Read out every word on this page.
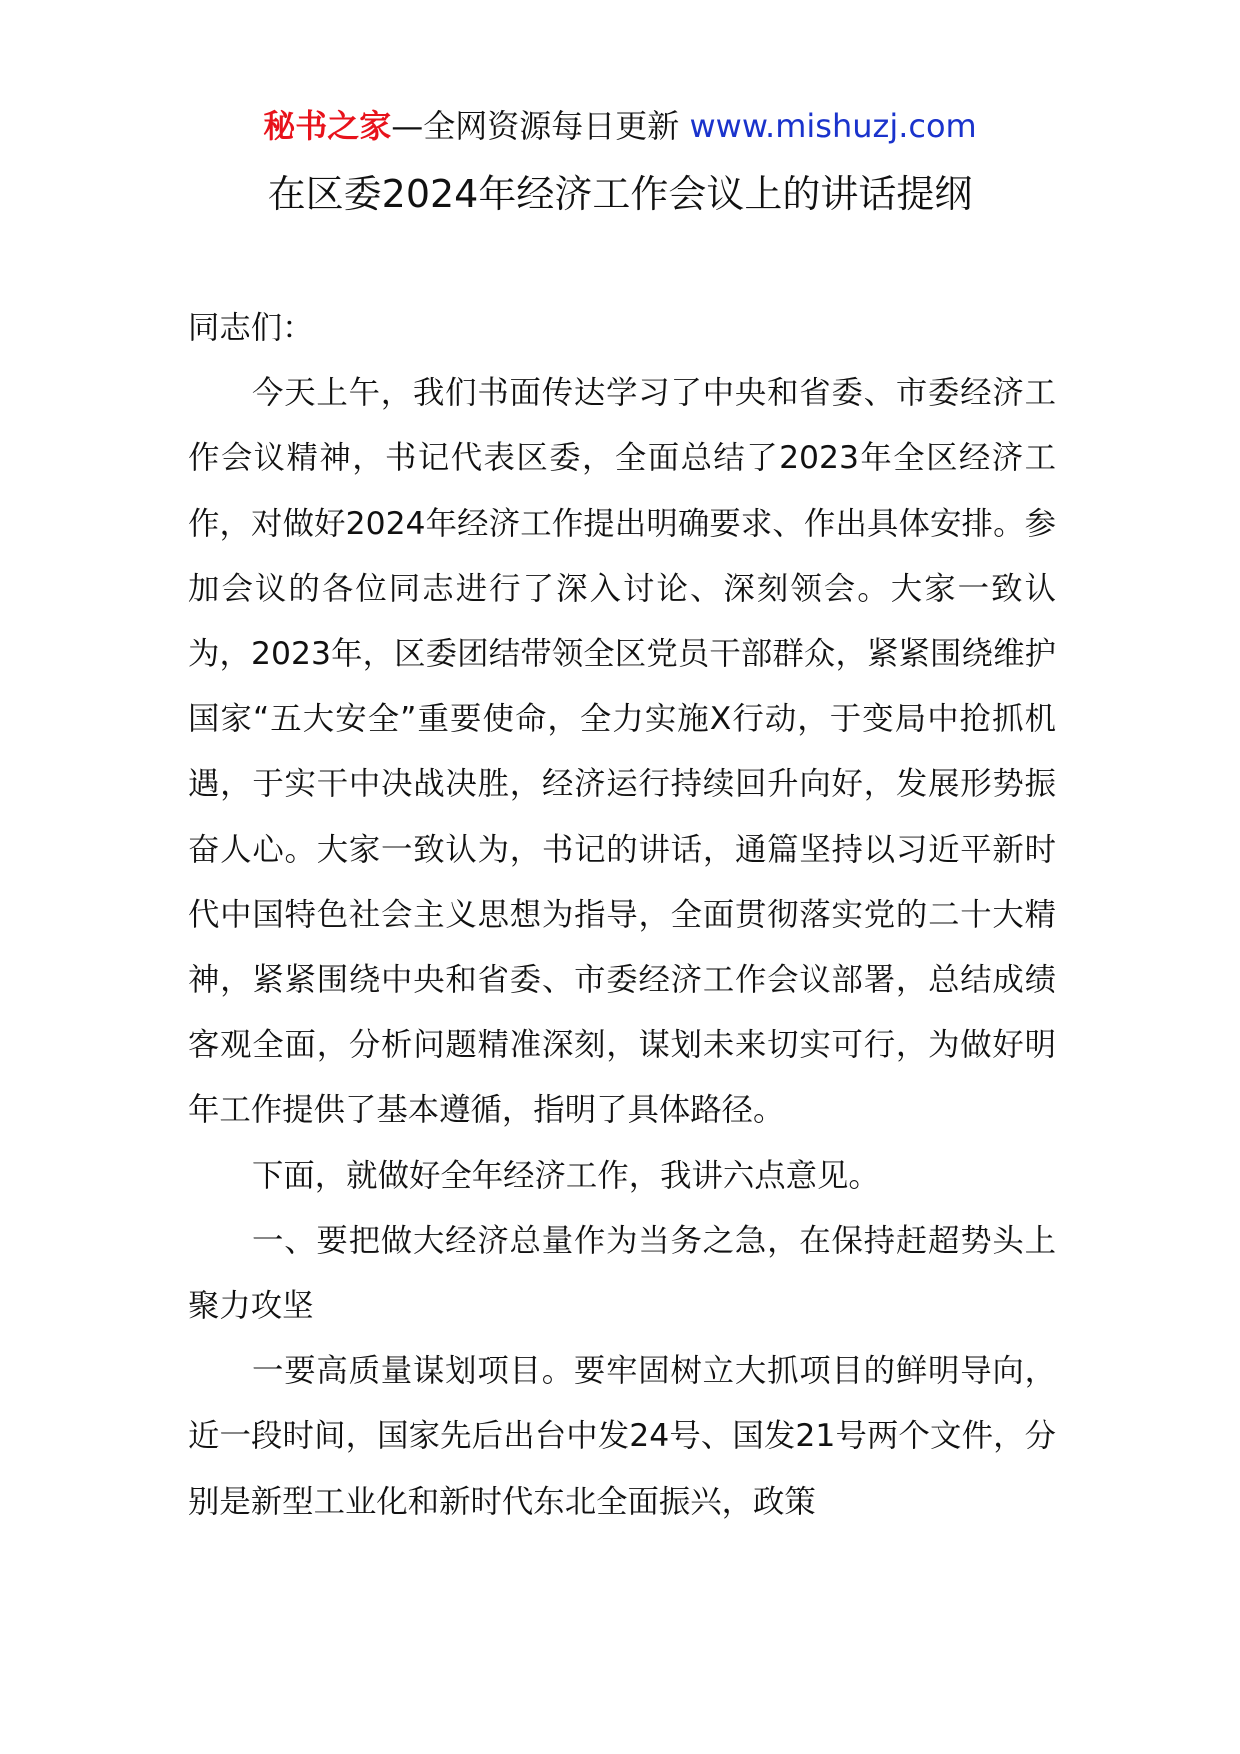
秘书之家—全网资源每日更新 www.mishuzj.com
在区委2024年经济工作会议上的讲话提纲

同志们：

今天上午，我们书面传达学习了中央和省委、市委经济工作会议精神，书记代表区委，全面总结了2023年全区经济工作，对做好2024年经济工作提出明确要求、作出具体安排。参加会议的各位同志进行了深入讨论、深刻领会。大家一致认为，2023年，区委团结带领全区党员干部群众，紧紧围绕维护国家“五大安全”重要使命，全力实施X行动，于变局中抢抓机遇，于实干中决战决胜，经济运行持续回升向好，发展形势振奋人心。大家一致认为，书记的讲话，通篇坚持以习近平新时代中国特色社会主义思想为指导，全面贯彻落实党的二十大精神，紧紧围绕中央和省委、市委经济工作会议部署，总结成绩客观全面，分析问题精准深刻，谋划未来切实可行，为做好明年工作提供了基本遵循，指明了具体路径。

下面，就做好全年经济工作，我讲六点意见。

一、要把做大经济总量作为当务之急，在保持赶超势头上聚力攻坚

一要高质量谋划项目。要牢固树立大抓项目的鲜明导向，近一段时间，国家先后出台中发24号、国发21号两个文件，分别是新型工业化和新时代东北全面振兴，政策
